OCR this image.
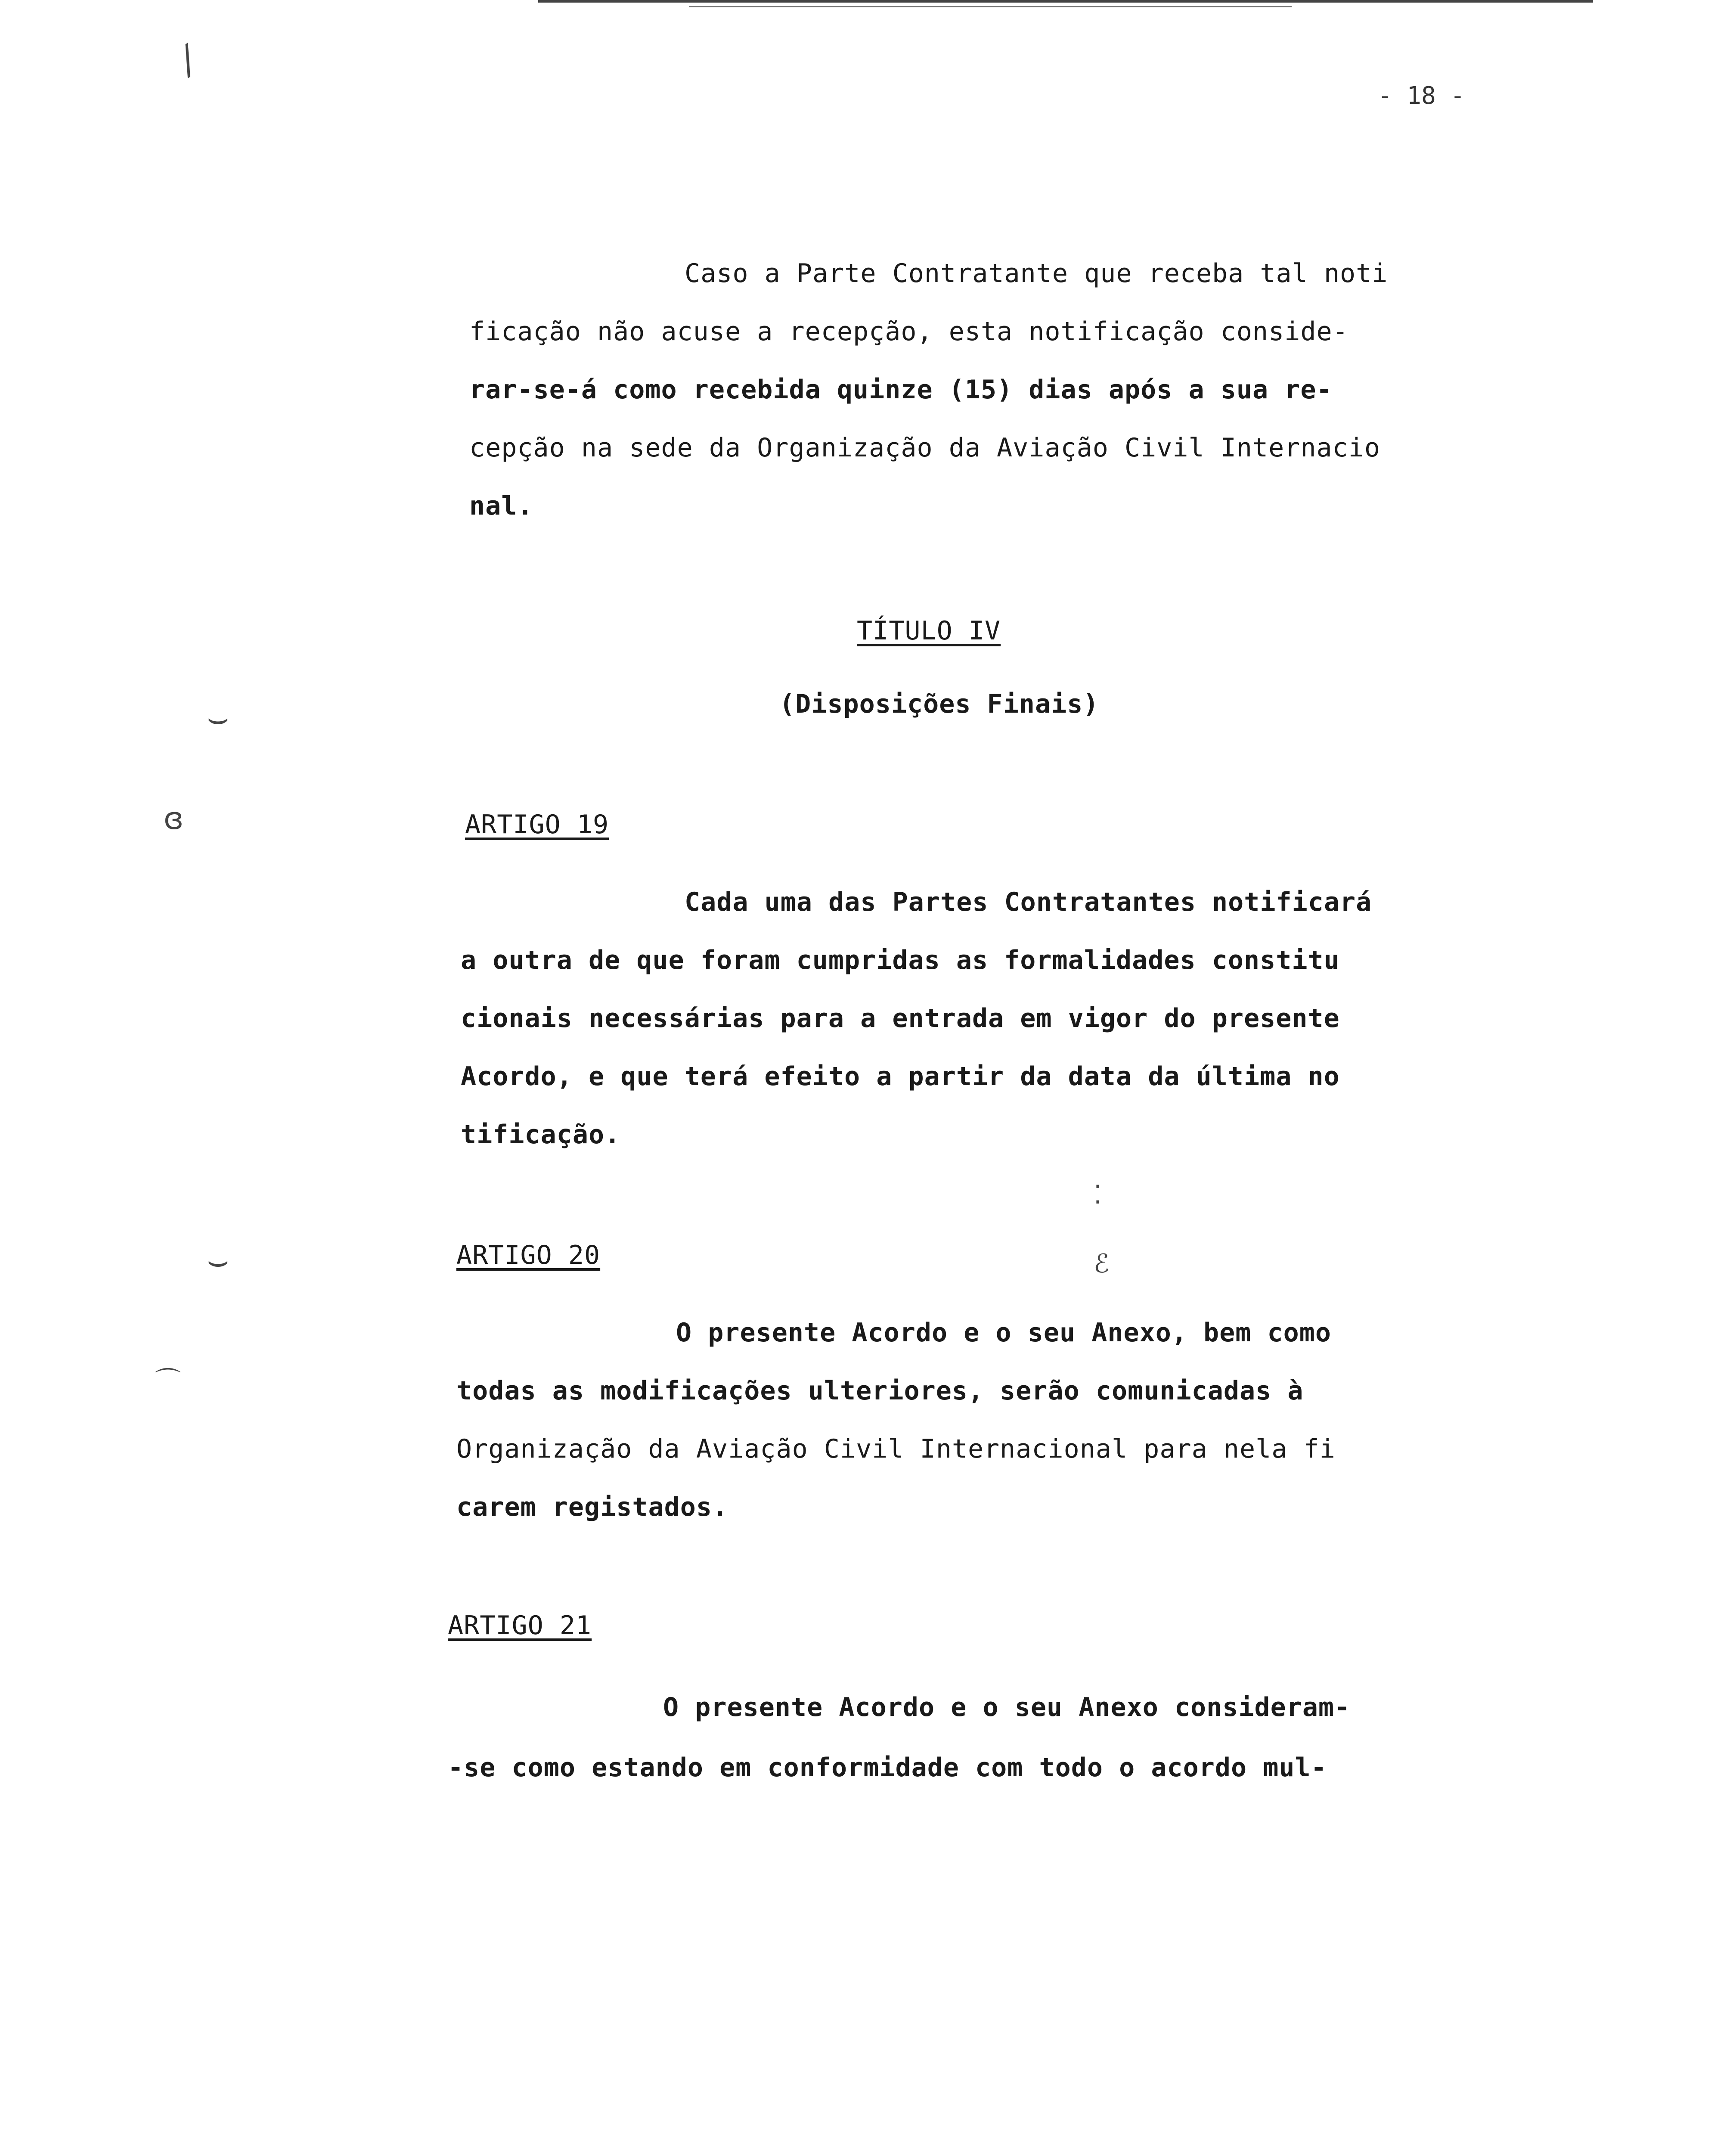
⁄
⌣
ɞ
⌣
⌒
⁚
ℰ
- 18 -

Caso a Parte Contratante que receba tal noti

ficação não acuse a recepção, esta notificação conside-

rar-se-á como recebida quinze (15) dias após a sua re-

cepção na sede da Organização da Aviação Civil Internacio

nal.

TÍTULO IV

(Disposições Finais)

ARTIGO 19

Cada uma das Partes Contratantes notificará

a outra de que foram cumpridas as formalidades constitu

cionais necessárias para a entrada em vigor do presente

Acordo, e que terá efeito a partir da data da última no

tificação.

ARTIGO 20

O presente Acordo e o seu Anexo, bem como

todas as modificações ulteriores, serão comunicadas à

Organização da Aviação Civil Internacional para nela fi

carem registados.

ARTIGO 21

O presente Acordo e o seu Anexo consideram-

-se como estando em conformidade com todo o acordo mul-
